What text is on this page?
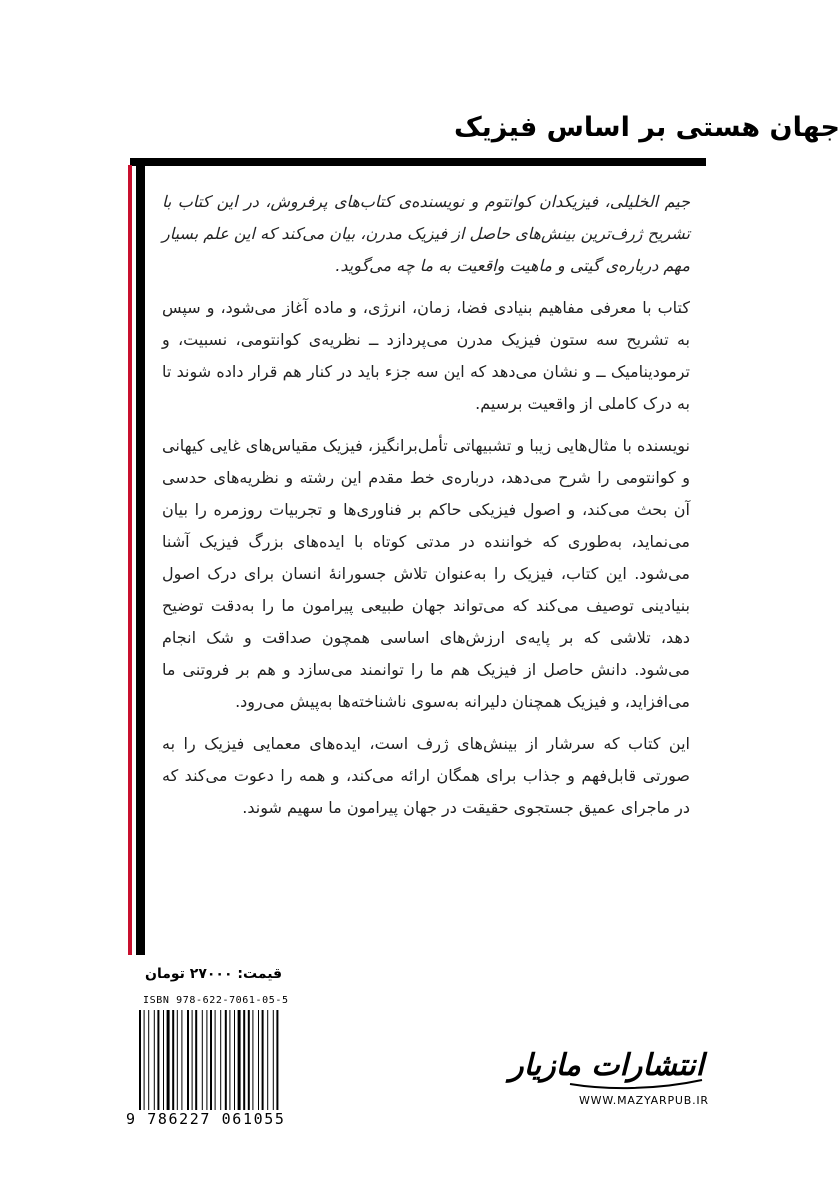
جهان هستی بر اساس فیزیک

جیم الخلیلی، فیزیکدان کوانتوم و نویسنده‌ی کتاب‌های پرفروش، در این کتاب با تشریح ژرف‌ترین بینش‌های حاصل از فیزیک مدرن، بیان می‌کند که این علم بسیار مهم درباره‌ی گیتی و ماهیت واقعیت به ما چه می‌گوید.

کتاب با معرفی مفاهیم بنیادی فضا، زمان، انرژی، و ماده آغاز می‌شود، و سپس به تشریح سه ستون فیزیک مدرن می‌پردازد ــ نظریه‌ی کوانتومی، نسبیت، و ترمودینامیک ــ و نشان می‌دهد که این سه جزء باید در کنار هم قرار داده شوند تا به درک کاملی از واقعیت برسیم.

نویسنده با مثال‌هایی زیبا و تشبیهاتی تأمل‌برانگیز، فیزیک مقیاس‌های غایی کیهانی و کوانتومی را شرح می‌دهد، درباره‌ی خط مقدم این رشته و نظریه‌های حدسی آن بحث می‌کند، و اصول فیزیکی حاکم بر فناوری‌ها و تجربیات روزمره را بیان می‌نماید، به‌طوری که خواننده در مدتی کوتاه با ایده‌های بزرگ فیزیک آشنا می‌شود. این کتاب، فیزیک را به‌عنوان تلاش جسورانهٔ انسان برای درک اصول بنیادینی توصیف می‌کند که می‌تواند جهان طبیعی پیرامون ما را به‌دقت توضیح دهد، تلاشی که بر پایه‌ی ارزش‌های اساسی همچون صداقت و شک انجام می‌شود. دانش حاصل از فیزیک هم ما را توانمند می‌سازد و هم بر فروتنی ما می‌افزاید، و فیزیک همچنان دلیرانه به‌سوی ناشناخته‌ها به‌پیش می‌رود.

این کتاب که سرشار از بینش‌های ژرف است، ایده‌های معمایی فیزیک را به صورتی قابل‌فهم و جذاب برای همگان ارائه می‌کند، و همه را دعوت می‌کند که در ماجرای عمیق جستجوی حقیقت در جهان پیرامون ما سهیم شوند.

قیمت: ۲۷۰۰۰ تومان
ISBN 978-622-7061-05-5
9 786227 061055
انتشارات مازیار
WWW.MAZYARPUB.IR
